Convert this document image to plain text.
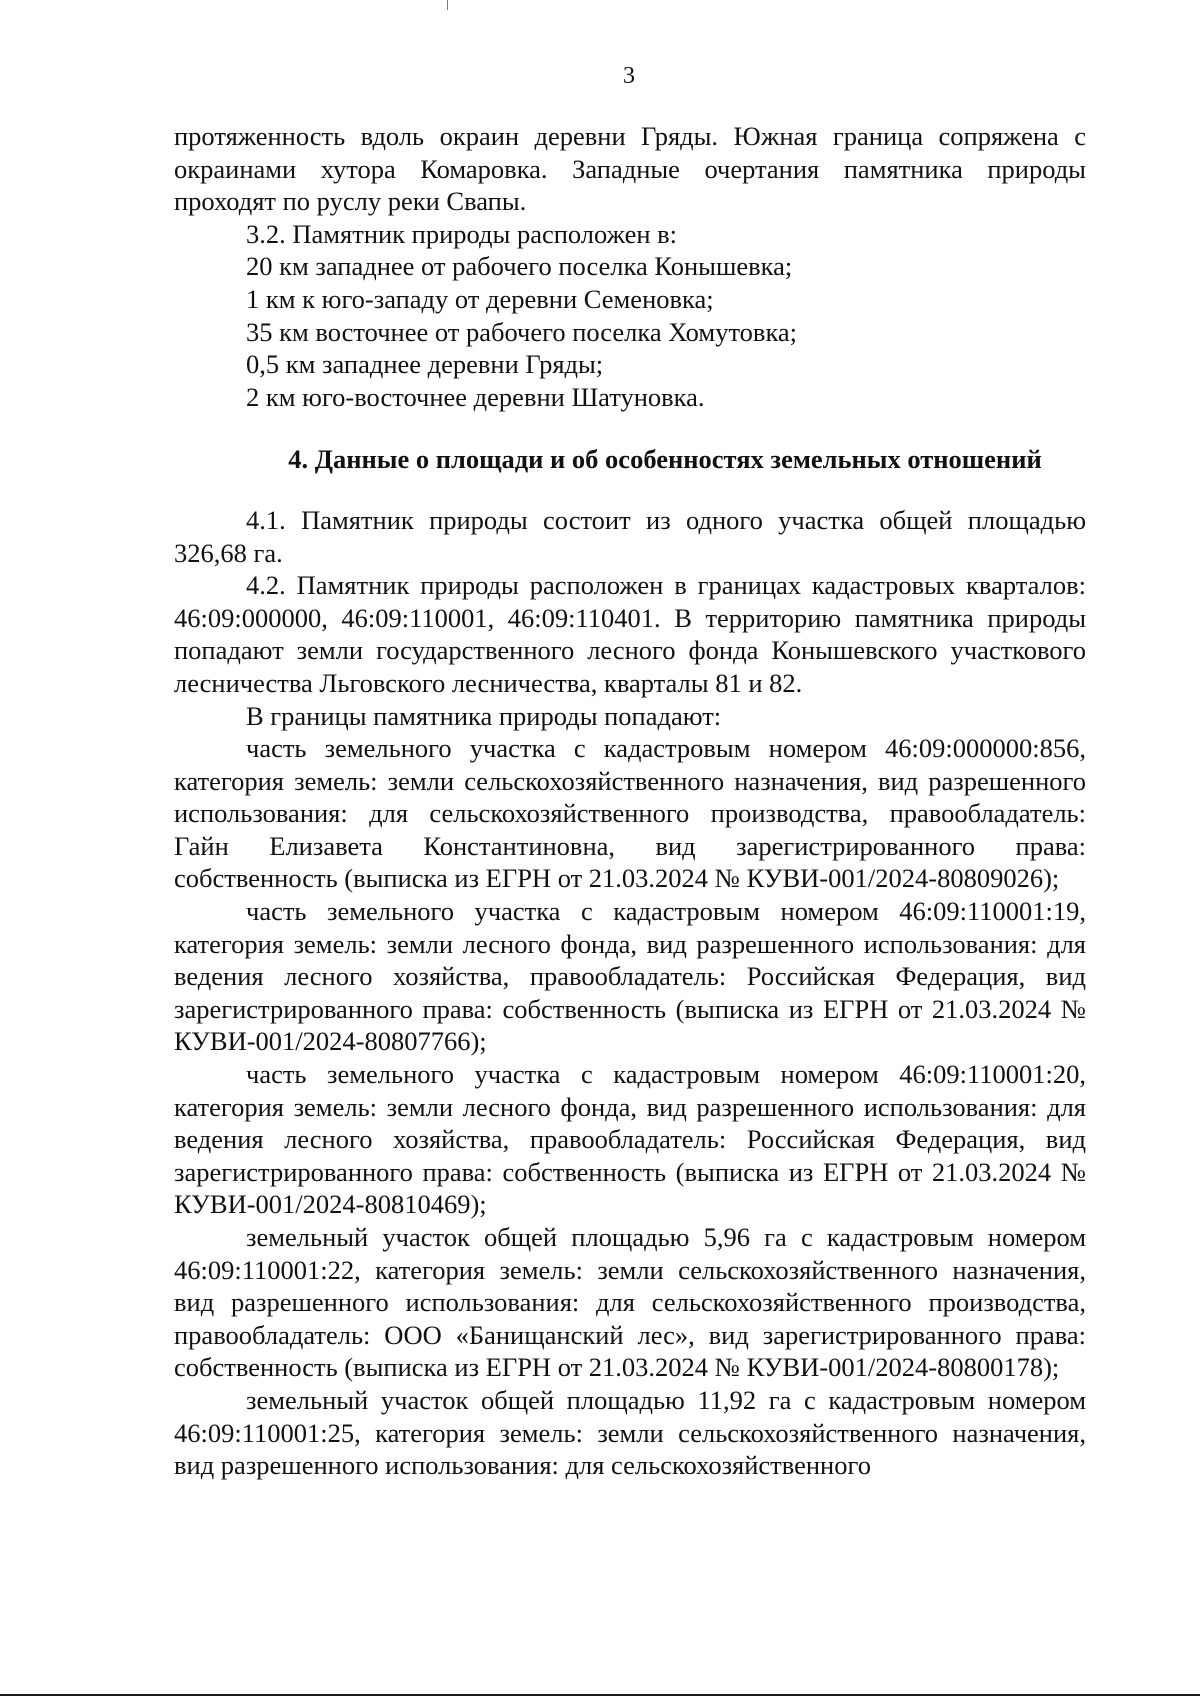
3

протяженность вдоль окраин деревни Гряды. Южная граница сопряжена с окраинами хутора Комаровка. Западные очертания памятника природы проходят по руслу реки Свапы.

3.2. Памятник природы расположен в:

20 км западнее от рабочего поселка Конышевка;

1 км к юго-западу от деревни Семеновка;

35 км восточнее от рабочего поселка Хомутовка;

0,5 км западнее деревни Гряды;

2 км юго-восточнее деревни Шатуновка.

4. Данные о площади и об особенностях земельных отношений

4.1. Памятник природы состоит из одного участка общей площадью 326,68 га.

4.2. Памятник природы расположен в границах кадастровых кварталов: 46:09:000000, 46:09:110001, 46:09:110401. В территорию памятника природы попадают земли государственного лесного фонда Конышевского участкового лесничества Льговского лесничества, кварталы 81 и 82.

В границы памятника природы попадают:

часть земельного участка с кадастровым номером 46:09:000000:856, категория земель: земли сельскохозяйственного назначения, вид разрешенного использования: для сельскохозяйственного производства, правообладатель: Гайн Елизавета Константиновна, вид зарегистрированного права: собственность (выписка из ЕГРН от 21.03.2024 № КУВИ-001/2024-80809026);

часть земельного участка с кадастровым номером 46:09:110001:19, категория земель: земли лесного фонда, вид разрешенного использования: для ведения лесного хозяйства, правообладатель: Российская Федерация, вид зарегистрированного права: собственность (выписка из ЕГРН от 21.03.2024 № КУВИ-001/2024-80807766);

часть земельного участка с кадастровым номером 46:09:110001:20, категория земель: земли лесного фонда, вид разрешенного использования: для ведения лесного хозяйства, правообладатель: Российская Федерация, вид зарегистрированного права: собственность (выписка из ЕГРН от 21.03.2024 № КУВИ-001/2024-80810469);

земельный участок общей площадью 5,96 га с кадастровым номером 46:09:110001:22, категория земель: земли сельскохозяйственного назначения, вид разрешенного использования: для сельскохозяйственного производства, правообладатель: ООО «Банищанский лес», вид зарегистрированного права: собственность (выписка из ЕГРН от 21.03.2024 № КУВИ-001/2024-80800178);

земельный участок общей площадью 11,92 га с кадастровым номером 46:09:110001:25, категория земель: земли сельскохозяйственного назначения, вид разрешенного использования: для сельскохозяйственного
